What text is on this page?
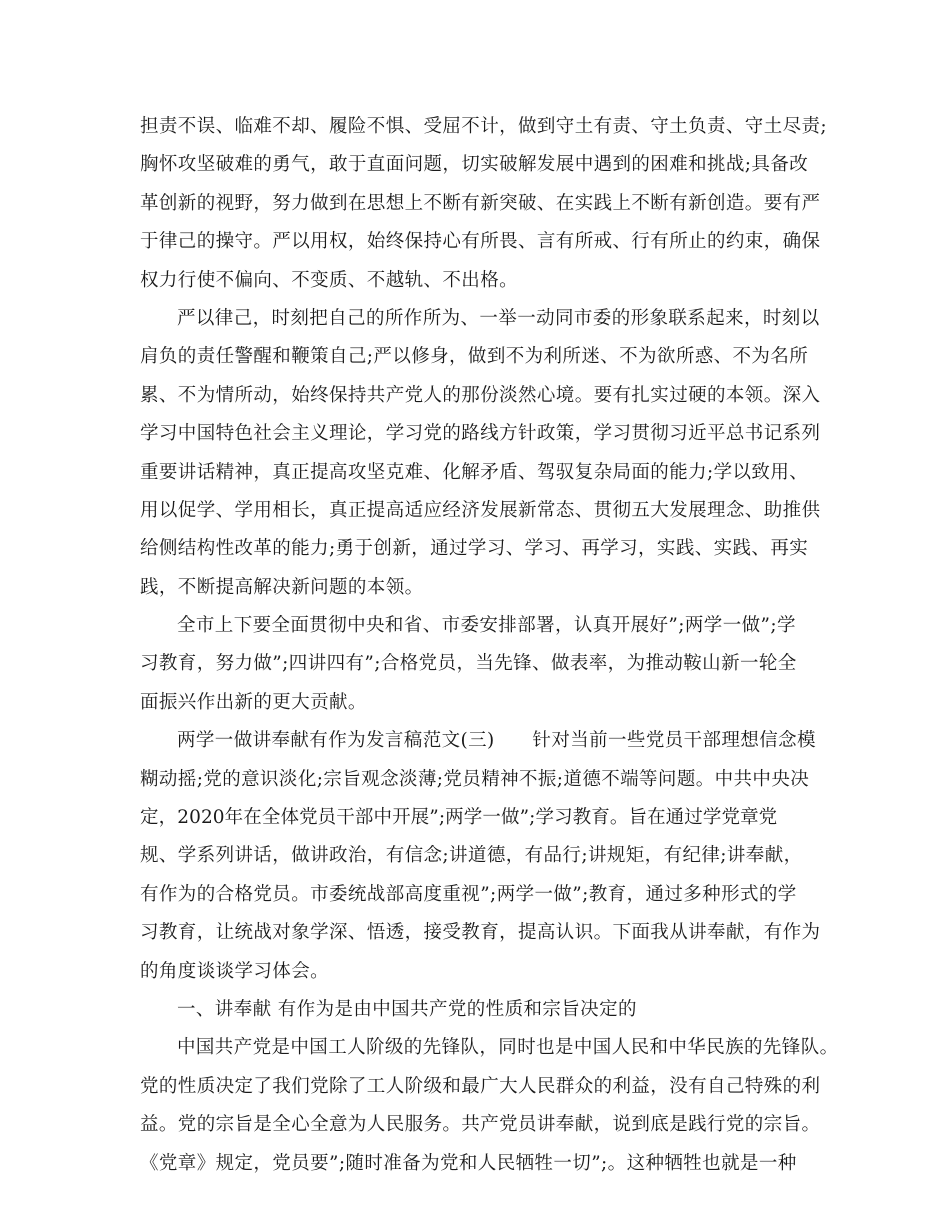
担责不误、临难不却、履险不惧、受屈不计，做到守土有责、守土负责、守土尽责;
胸怀攻坚破难的勇气，敢于直面问题，切实破解发展中遇到的困难和挑战;具备改
革创新的视野，努力做到在思想上不断有新突破、在实践上不断有新创造。要有严
于律己的操守。严以用权，始终保持心有所畏、言有所戒、行有所止的约束，确保
权力行使不偏向、不变质、不越轨、不出格。
严以律己，时刻把自己的所作所为、一举一动同市委的形象联系起来，时刻以
肩负的责任警醒和鞭策自己;严以修身，做到不为利所迷、不为欲所惑、不为名所
累、不为情所动，始终保持共产党人的那份淡然心境。要有扎实过硬的本领。深入
学习中国特色社会主义理论，学习党的路线方针政策，学习贯彻习近平总书记系列
重要讲话精神，真正提高攻坚克难、化解矛盾、驾驭复杂局面的能力;学以致用、
用以促学、学用相长，真正提高适应经济发展新常态、贯彻五大发展理念、助推供
给侧结构性改革的能力;勇于创新，通过学习、学习、再学习，实践、实践、再实
践，不断提高解决新问题的本领。
全市上下要全面贯彻中央和省、市委安排部署，认真开展好”;两学一做”;学
习教育，努力做”;四讲四有”;合格党员，当先锋、做表率，为推动鞍山新一轮全
面振兴作出新的更大贡献。
两学一做讲奉献有作为发言稿范文(三)　　针对当前一些党员干部理想信念模
糊动摇;党的意识淡化;宗旨观念淡薄;党员精神不振;道德不端等问题。中共中央决
定，2020年在全体党员干部中开展”;两学一做”;学习教育。旨在通过学党章党
规、学系列讲话，做讲政治，有信念;讲道德，有品行;讲规矩，有纪律;讲奉献，
有作为的合格党员。市委统战部高度重视”;两学一做”;教育，通过多种形式的学
习教育，让统战对象学深、悟透，接受教育，提高认识。下面我从讲奉献，有作为
的角度谈谈学习体会。
一、讲奉献 有作为是由中国共产党的性质和宗旨决定的
中国共产党是中国工人阶级的先锋队，同时也是中国人民和中华民族的先锋队。
党的性质决定了我们党除了工人阶级和最广大人民群众的利益，没有自己特殊的利
益。党的宗旨是全心全意为人民服务。共产党员讲奉献，说到底是践行党的宗旨。
《党章》规定，党员要”;随时准备为党和人民牺牲一切”;。这种牺牲也就是一种
